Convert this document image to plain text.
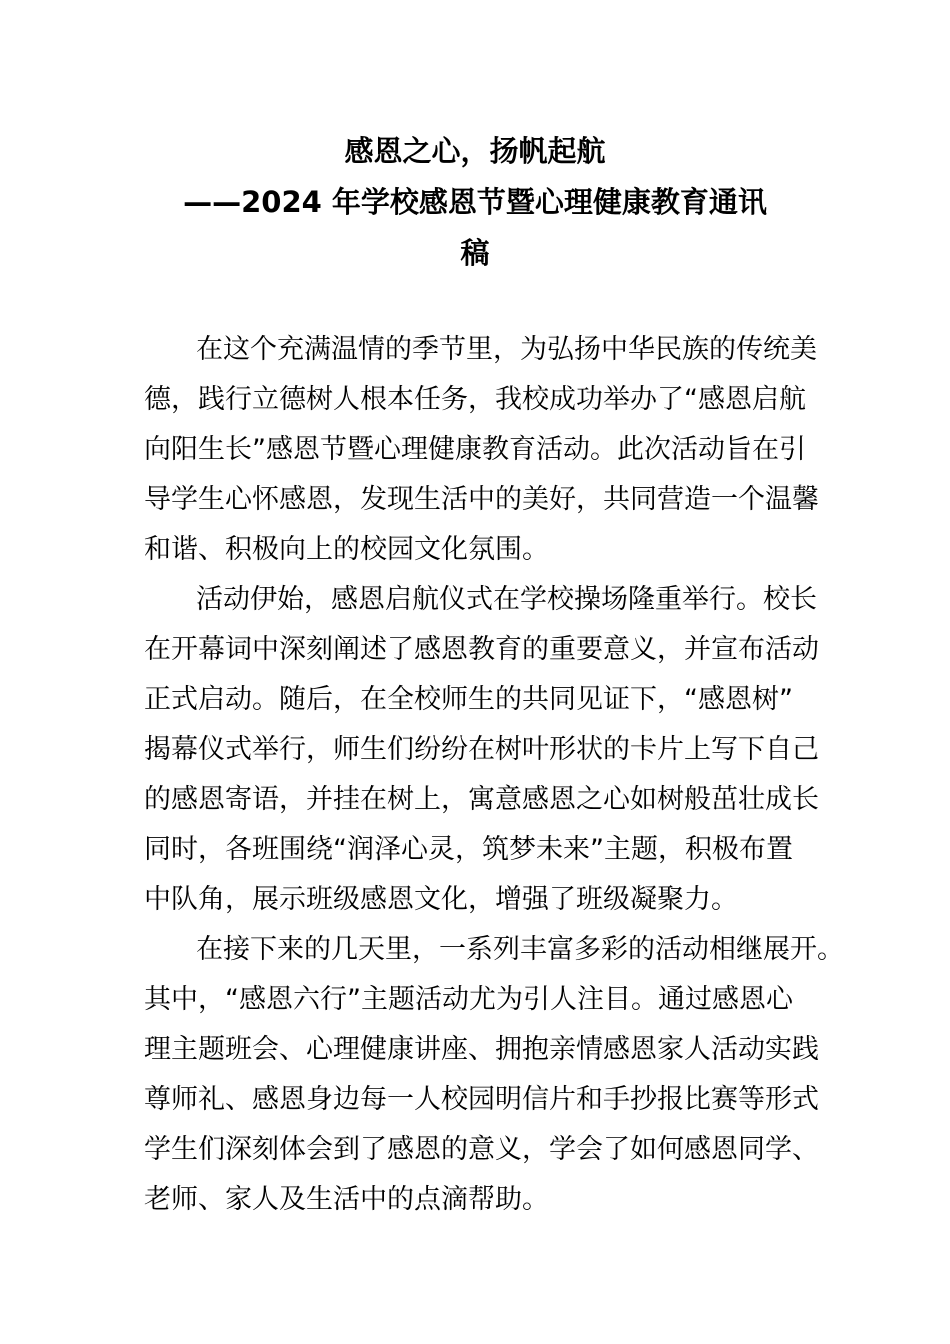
感恩之心，扬帆起航
——2024 年学校感恩节暨心理健康教育通讯
稿
在这个充满温情的季节里，为弘扬中华民族的传统美
德，践行立德树人根本任务，我校成功举办了“感恩启航
向阳生长”感恩节暨心理健康教育活动。此次活动旨在引
导学生心怀感恩，发现生活中的美好，共同营造一个温馨
和谐、积极向上的校园文化氛围。
活动伊始，感恩启航仪式在学校操场隆重举行。校长
在开幕词中深刻阐述了感恩教育的重要意义，并宣布活动
正式启动。随后，在全校师生的共同见证下，“感恩树”
揭幕仪式举行，师生们纷纷在树叶形状的卡片上写下自己
的感恩寄语，并挂在树上，寓意感恩之心如树般茁壮成长
同时，各班围绕“润泽心灵，筑梦未来”主题，积极布置
中队角，展示班级感恩文化，增强了班级凝聚力。
在接下来的几天里，一系列丰富多彩的活动相继展开。
其中，“感恩六行”主题活动尤为引人注目。通过感恩心
理主题班会、心理健康讲座、拥抱亲情感恩家人活动实践
尊师礼、感恩身边每一人校园明信片和手抄报比赛等形式
学生们深刻体会到了感恩的意义，学会了如何感恩同学、
老师、家人及生活中的点滴帮助。
